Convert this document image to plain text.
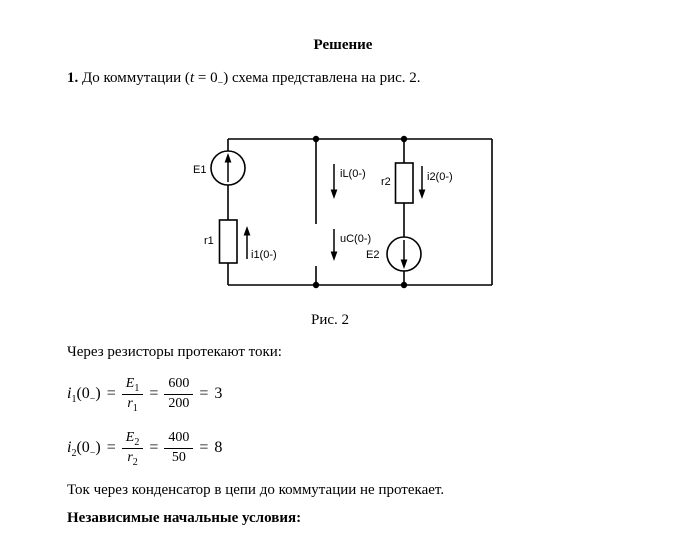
Решение
1. До коммутации $(t = 0_-)$ схема представлена на рис. 2.
E1
r1
i1(0-)
iL(0-)
uC(0-)
r2	i2(0-)
E2
Рис. 2
Через резисторы протекают токи:
$i_1(0_-) = \frac{E_1}{r_1} = \frac{600}{200} = 3$
$i_2(0_-) = \frac{E_2}{r_2} = \frac{400}{50} = 8$
Ток через конденсатор в цепи до коммутации не протекает.
Независимые начальные условия:
